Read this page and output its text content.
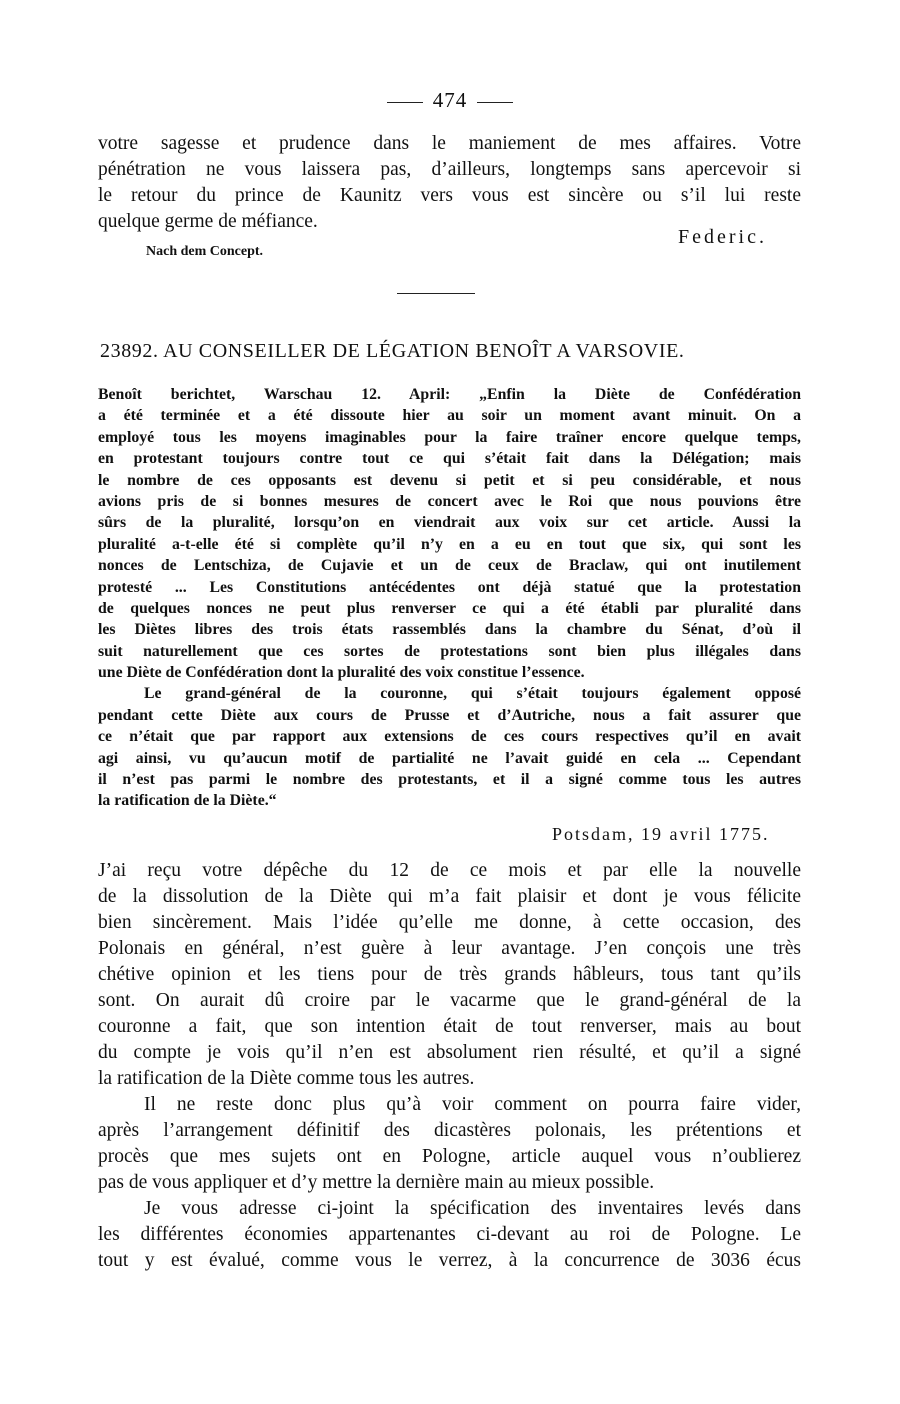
474
votre sagesse et prudence dans le maniement de mes affaires. Votre
pénétration ne vous laissera pas, d’ailleurs, longtemps sans apercevoir si
le retour du prince de Kaunitz vers vous est sincère ou s’il lui reste
quelque germe de méfiance.
Federic.
Nach dem Concept.
23892. AU CONSEILLER DE LÉGATION BENOÎT A VARSOVIE.
Benoît berichtet, Warschau 12. April: „Enfin la Diète de Confédération
a été terminée et a été dissoute hier au soir un moment avant minuit. On a
employé tous les moyens imaginables pour la faire traîner encore quelque temps,
en protestant toujours contre tout ce qui s’était fait dans la Délégation; mais
le nombre de ces opposants est devenu si petit et si peu considérable, et nous
avions pris de si bonnes mesures de concert avec le Roi que nous pouvions être
sûrs de la pluralité, lorsqu’on en viendrait aux voix sur cet article. Aussi la
pluralité a-t-elle été si complète qu’il n’y en a eu en tout que six, qui sont les
nonces de Lentschiza, de Cujavie et un de ceux de Braclaw, qui ont inutilement
protesté ... Les Constitutions antécédentes ont déjà statué que la protestation
de quelques nonces ne peut plus renverser ce qui a été établi par pluralité dans
les Diètes libres des trois états rassemblés dans la chambre du Sénat, d’où il
suit naturellement que ces sortes de protestations sont bien plus illégales dans
une Diète de Confédération dont la pluralité des voix constitue l’essence.
Le grand-général de la couronne, qui s’était toujours également opposé
pendant cette Diète aux cours de Prusse et d’Autriche, nous a fait assurer que
ce n’était que par rapport aux extensions de ces cours respectives qu’il en avait
agi ainsi, vu qu’aucun motif de partialité ne l’avait guidé en cela ... Cependant
il n’est pas parmi le nombre des protestants, et il a signé comme tous les autres
la ratification de la Diète.“
Potsdam, 19 avril 1775.
J’ai reçu votre dépêche du 12 de ce mois et par elle la nouvelle
de la dissolution de la Diète qui m’a fait plaisir et dont je vous félicite
bien sincèrement. Mais l’idée qu’elle me donne, à cette occasion, des
Polonais en général, n’est guère à leur avantage. J’en conçois une très
chétive opinion et les tiens pour de très grands hâbleurs, tous tant qu’ils
sont. On aurait dû croire par le vacarme que le grand-général de la
couronne a fait, que son intention était de tout renverser, mais au bout
du compte je vois qu’il n’en est absolument rien résulté, et qu’il a signé
la ratification de la Diète comme tous les autres.
Il ne reste donc plus qu’à voir comment on pourra faire vider,
après l’arrangement définitif des dicastères polonais, les prétentions et
procès que mes sujets ont en Pologne, article auquel vous n’oublierez
pas de vous appliquer et d’y mettre la dernière main au mieux possible.
Je vous adresse ci-joint la spécification des inventaires levés dans
les différentes économies appartenantes ci-devant au roi de Pologne. Le
tout y est évalué, comme vous le verrez, à la concurrence de 3036 écus
